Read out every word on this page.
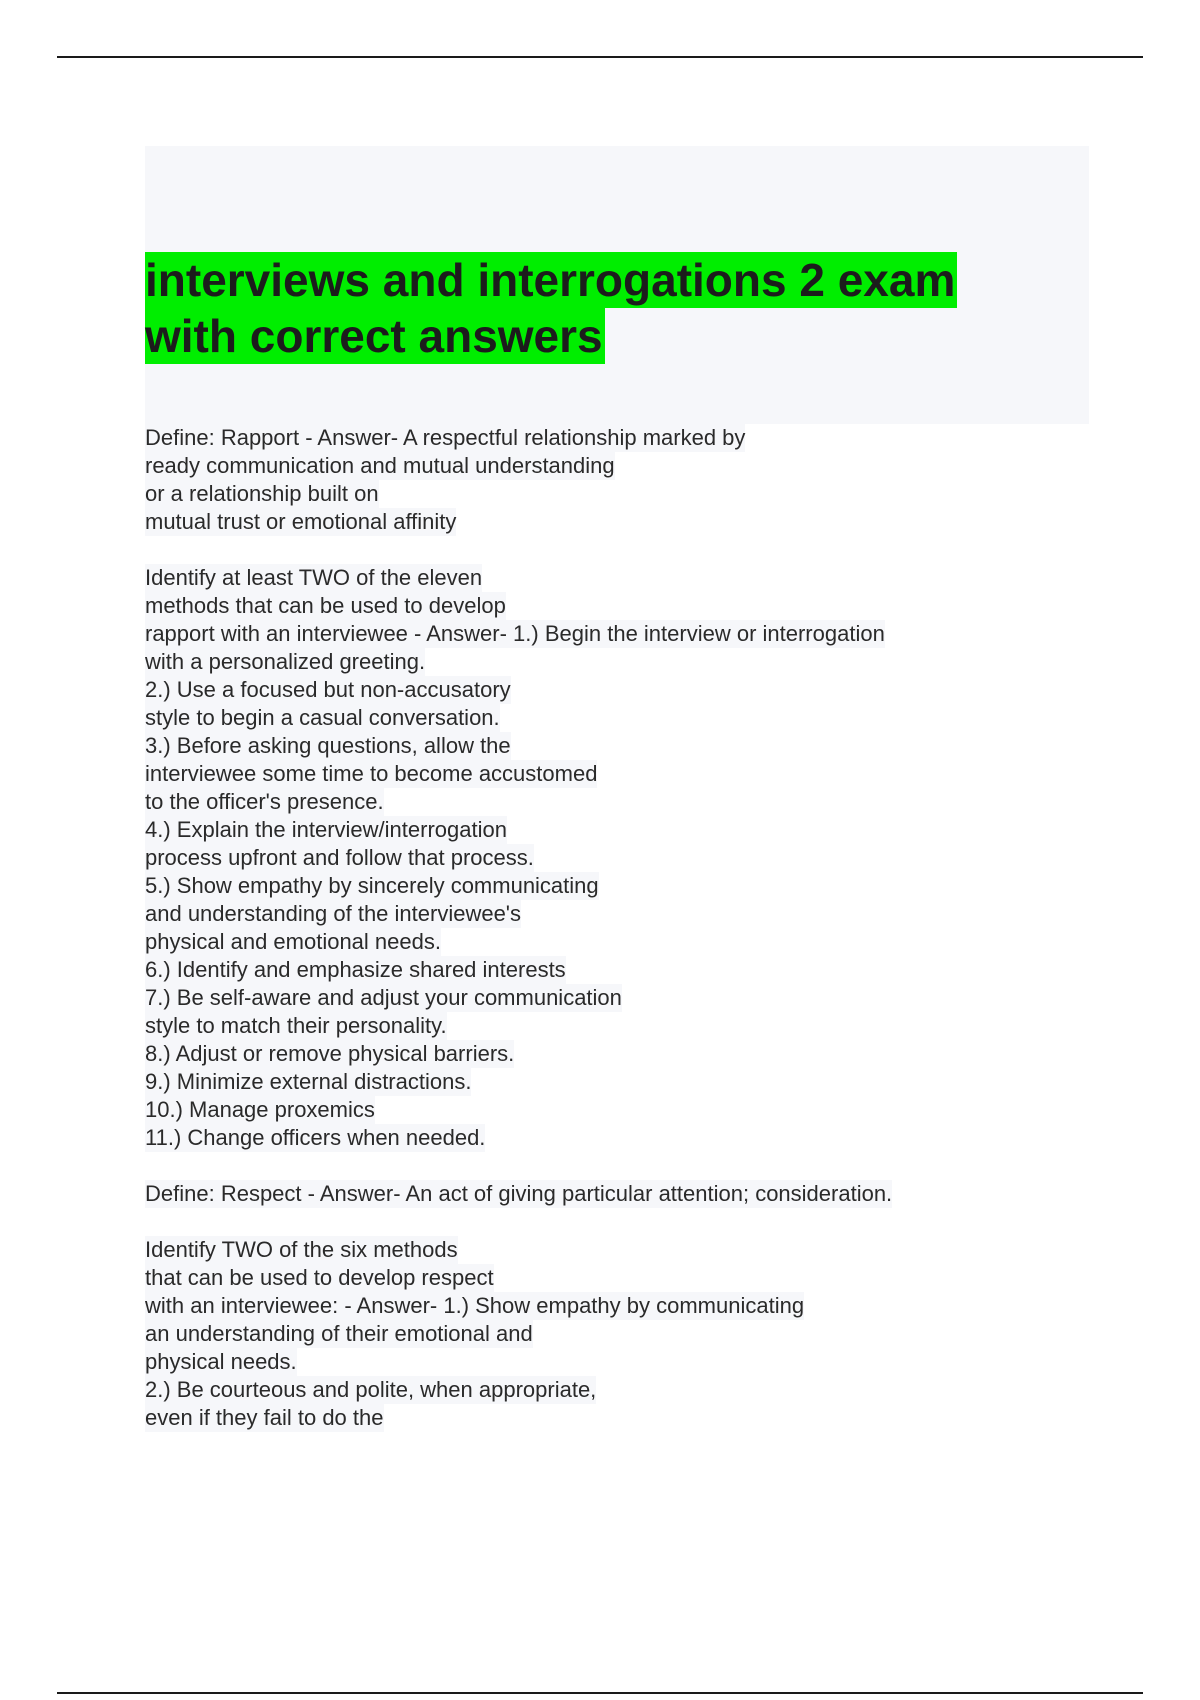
interviews and interrogations 2 exam
with correct answers
Define: Rapport - Answer- A respectful relationship marked by
ready communication and mutual understanding
or a relationship built on
mutual trust or emotional affinity
Identify at least TWO of the eleven
methods that can be used to develop
rapport with an interviewee - Answer- 1.) Begin the interview or interrogation
with a personalized greeting.
2.) Use a focused but non-accusatory
style to begin a casual conversation.
3.) Before asking questions, allow the
interviewee some time to become accustomed
to the officer's presence.
4.) Explain the interview/interrogation
process upfront and follow that process.
5.) Show empathy by sincerely communicating
and understanding of the interviewee's
physical and emotional needs.
6.) Identify and emphasize shared interests
7.) Be self-aware and adjust your communication
style to match their personality.
8.) Adjust or remove physical barriers.
9.) Minimize external distractions.
10.) Manage proxemics
11.) Change officers when needed.
Define: Respect - Answer- An act of giving particular attention; consideration.
Identify TWO of the six methods
that can be used to develop respect
with an interviewee: - Answer- 1.) Show empathy by communicating
an understanding of their emotional and
physical needs.
2.) Be courteous and polite, when appropriate,
even if they fail to do the
